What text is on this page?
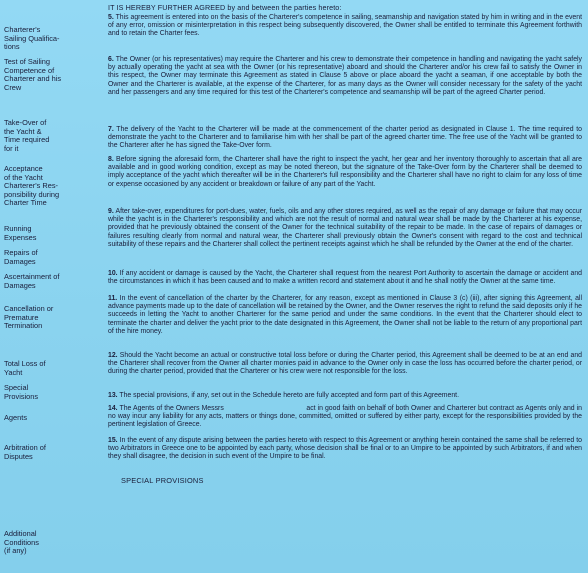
IT IS HEREBY FURTHER AGREED by and between the parties hereto:
Charterer's
Sailing Qualifica-
tions
Test of Sailing
Competence of
Charterer and his
Crew
Take-Over of
the Yacht &
Time required
for it
Acceptance
of the Yacht
Charterer's Res-
ponsibility during
Charter Time
Running
Expenses
Repairs of
Damages
Ascertainment of
Damages
Cancellation or
Premature
Termination
Total Loss of
Yacht
Special
Provisions
Agents
Arbitration of
Disputes
Additional
Conditions
(if any)
5. This agreement is entered into on the basis of the Charterer's competence in sailing, seamanship and navigation stated by him in writing and in the event of any error, omission or misinterpretation in this respect being subsequently discovered, the Owner shall be entitled to terminate this Agreement forthwith and to retain the Charter fees.
6. The Owner (or his representatives) may require the Charterer and his crew to demonstrate their competence in handling and navigating the yacht safely by actually operating the yacht at sea with the Owner (or his representative) aboard and should the Charterer and/or his crew fail to satisfy the Owner in this respect, the Owner may terminate this Agreement as stated in Clause 5 above or place aboard the yacht a seaman, if one acceptable by both the Owner and the Charterer is available, at the expense of the Charterer, for as many days as the Owner will consider necessary for the safety of the yacht and her passengers and any time required for this test of the Charterer's competence and seamanship will be part of the agreed Charter period.
7. The delivery of the Yacht to the Charterer will be made at the commencement of the charter period as designated in Clause 1. The time required to demonstrate the yacht to the Charterer and to familiarise him with her shall be part of the agreed charter time. The free use of the Yacht will be granted to the Charterer after he has signed the Take-Over form.
8. Before signing the aforesaid form, the Charterer shall have the right to inspect the yacht, her gear and her inventory thoroughly to ascertain that all are available and in good working condition, except as may be noted thereon, but the signature of the Take-Over form by the Charterer shall be deemed to imply acceptance of the yacht which thereafter will be in the Charterer's full responsibility and the Charterer shall have no right to claim for any loss of time or expense occasioned by any accident or breakdown or failure of any part of the Yacht.
9. After take-over, expenditures for port-dues, water, fuels, oils and any other stores required, as well as the repair of any damage or failure that may occur while the yacht is in the Charterer's responsibility and which are not the result of normal and natural wear shall be made by the Charterer at his expense, provided that he previously obtained the consent of the Owner for the technical suitability of the repair to be made. In the case of repairs of damages or failures resulting clearly from normal and natural wear, the Charterer shall previously obtain the Owner's consent with regard to the cost and technical suitability of these repairs and the Charterer shall collect the pertinent receipts against which he shall be refunded by the Owner at the end of the charter.
10. If any accident or damage is caused by the Yacht, the Charterer shall request from the nearest Port Authority to ascertain the damage or accident and the circumstances in which it has been caused and to make a written record and statement about it and he shall notify the Owner at the same time.
11. In the event of cancellation of the charter by the Charterer, for any reason, except as mentioned in Clause 3 (c) (iii), after signing this Agreement, all advance payments made up to the date of cancellation will be retained by the Owner, and the Owner reserves the right to refund the said deposits only if he succeeds in letting the Yacht to another Charterer for the same period and under the same conditions. In the event that the Charterer should elect to terminate the charter and deliver the yacht prior to the date designated in this Agreement, the Owner shall not be liable to the return of any proportional part of the hire money.
12. Should the Yacht become an actual or constructive total loss before or during the Charter period, this Agreement shall be deemed to be at an end and the Charterer shall recover from the Owner all charter monies paid in advance to the Owner only in case the loss has occurred before the charter period, or during the charter period, provided that the Charterer or his crew were not responsible for the loss.
13. The special provisions, if any, set out in the Schedule hereto are fully accepted and form part of this Agreement.
14. The Agents of the Owners Messrs                                         act in good faith on behalf of both Owner and Charterer but contract as Agents only and in no way incur any liability for any acts, matters or things done, committed, omitted or suffered by either party, except for the responsibilities provided by the pertinent legislation of Greece.
15. In the event of any dispute arising between the parties hereto with respect to this Agreement or anything herein contained the same shall be referred to two Arbitrators in Greece one to be appointed by each party, whose decision shall be final or to an Umpire to be appointed by such Arbitrators, if and when they shall disagree, the decision in such event of the Umpire to be final.
SPECIAL PROVISIONS
